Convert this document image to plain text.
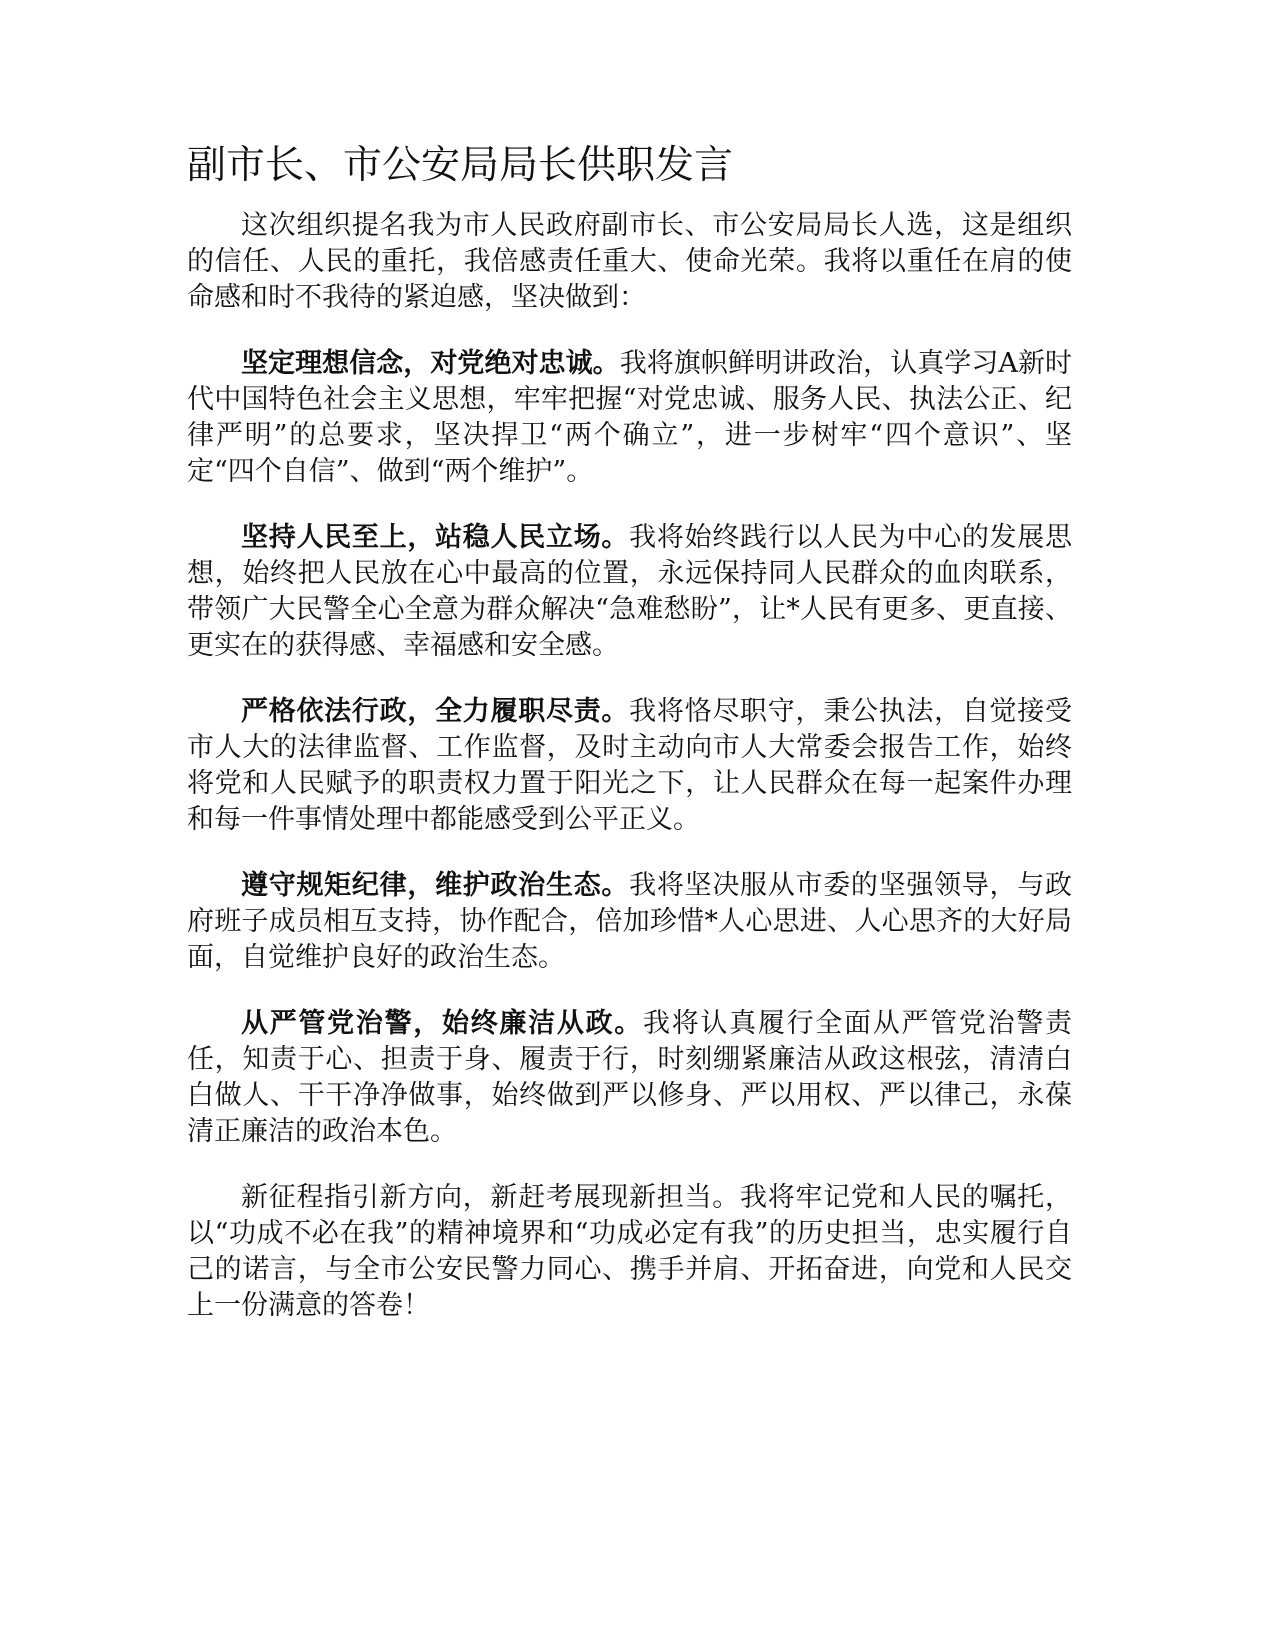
副市长、市公安局局长供职发言

这次组织提名我为市人民政府副市长、市公安局局长人选，这是组织的信任、人民的重托，我倍感责任重大、使命光荣。我将以重任在肩的使命感和时不我待的紧迫感，坚决做到：

坚定理想信念，对党绝对忠诚。我将旗帜鲜明讲政治，认真学习A新时代中国特色社会主义思想，牢牢把握“对党忠诚、服务人民、执法公正、纪律严明”的总要求，坚决捍卫“两个确立”，进一步树牢“四个意识”、坚定“四个自信”、做到“两个维护”。

坚持人民至上，站稳人民立场。我将始终践行以人民为中心的发展思想，始终把人民放在心中最高的位置，永远保持同人民群众的血肉联系，带领广大民警全心全意为群众解决“急难愁盼”，让*人民有更多、更直接、更实在的获得感、幸福感和安全感。

严格依法行政，全力履职尽责。我将恪尽职守，秉公执法，自觉接受市人大的法律监督、工作监督，及时主动向市人大常委会报告工作，始终将党和人民赋予的职责权力置于阳光之下，让人民群众在每一起案件办理和每一件事情处理中都能感受到公平正义。

遵守规矩纪律，维护政治生态。我将坚决服从市委的坚强领导，与政府班子成员相互支持，协作配合，倍加珍惜*人心思进、人心思齐的大好局面，自觉维护良好的政治生态。

从严管党治警，始终廉洁从政。我将认真履行全面从严管党治警责任，知责于心、担责于身、履责于行，时刻绷紧廉洁从政这根弦，清清白白做人、干干净净做事，始终做到严以修身、严以用权、严以律己，永葆清正廉洁的政治本色。

新征程指引新方向，新赶考展现新担当。我将牢记党和人民的嘱托，以“功成不必在我”的精神境界和“功成必定有我”的历史担当，忠实履行自己的诺言，与全市公安民警力同心、携手并肩、开拓奋进，向党和人民交上一份满意的答卷！
